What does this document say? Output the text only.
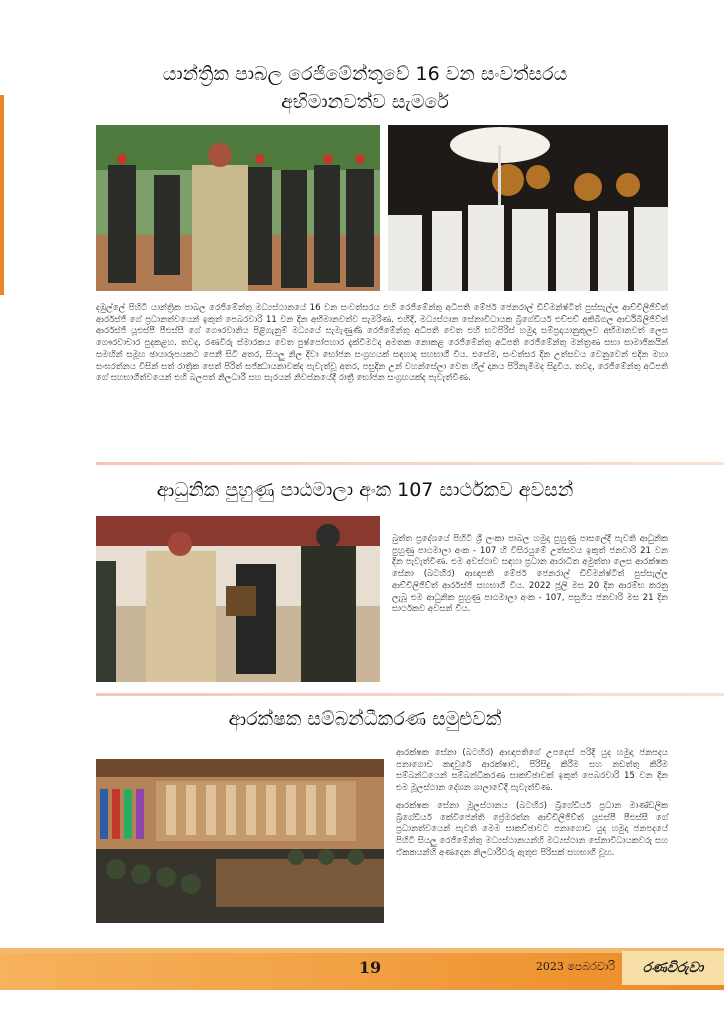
යාන්ත්‍රික පාබල රෙජිමේන්තුවේ 16 වන සංවත්සරය
අභිමානවත්ව සැමරේ

දඹුල්ලේ පිහිටි යාන්ත්‍රික පාබල රෙජිමේන්තු මධ්‍යස්ථානයේ 16 වන සංවත්සරය එහි රෙජිමේන්තු අධිපති මේජර් ජෙනරාල් ඩිව්මන්ෂ්ටිත් පුස්සැල්ල ආච්චිලිජිව්ත් ආර්රස්ජි ගේ ප්‍රධානත්වයෙන් ඉකුත් පෙබරවාරි 11 වන දින අභිමානවත්ව සැමරිණ. එහිදී, මධ්‍යස්ථාන සේනාවිධායක බ්‍රිගේඩියර් එච්එච් අකිබිගල ආර්ඩිබිලිජිව්ත් ආර්රස්ජි යූඑස්පී පීඑස්සී ගේ ගෞරවානිය පිළිගැනුම් මධ්‍යයේ සැමැණුණි රෙජිමේන්තු අධිපති වෙත එහි භටපිරිස් හමුදා සම්ප්‍රදායානුකූලව අභිමානවත් ලෙස ගෞරවාචාර පුදකළහ. තවද, රණවිරු ස්මාරකය වෙත පුෂ්පෝපහාර දැක්විමටද අමතක නොකළ රෙජිමේන්තු අධිපති රෙජිමේන්තු මන්ත්‍රණ සභා සාමාජිකයින් සමඟින් සමූහ ඡායාරූපයකට පෙනී සිටි අතර, සියලු නිල දිවා භෝජන සංග්‍රහයක් සඳහාද සහභාගී විය. එසේම, සංවත්සර දින උත්සවය වෙනුවෙන් එදින මහා සංඝරත්නය විසින් සත් රාත්‍රික සෙත් පිරිත් සජ්ඣායනාවක්ද පැවැත්වූ අතර, පසුදින උන් වහන්සේලා වෙත හීල් දානය පිරිනැමිමද සිදුවිය. තවද, රෙජිමේන්තු අධිපති ගේ සහභාගීත්වයෙන් එහි බලපත් නිලධාරී සහ සැරයන් නිවස්නයේදී රාත්‍රී භෝජන සංග්‍රහයක්ද පැවැත්විණ.

ආධුනික පුහුණු පාඨමාලා අංක 107 සාර්ථකව අවසන්

බුත්ත ප්‍රදේශයේ පිහිටි ශ්‍රී ලංකා පාබල හමුදා පුහුණු පාසලේදී පැවති ආධුනික පුහුණු පාඨමාලා අංක - 107 හි විසිරයුමේ උත්සවය ඉකුත් ජනවාරි 21 වන දින පැවැත්විණ. එම අවස්ථාව සඳහා ප්‍රධාන ආරාධිත අමුත්තා ලෙස ආරක්ෂක සේනා (බටහිර) ආඥාපති මේජර් ජෙනරාල් ඩිව්මන්ෂ්ටිත් පුස්සැල්ල ආච්චිලිජිව්ත් ආර්රස්ජි සහභාගී විය. 2022 ජූලි මස 20 දින ආරම්භ කරනු ලැබූ එම ආධුනික පුහුණු පාඨමාලා අංක - 107, පසුගිය ජනවාරි මස 21 දින සාර්ථකව අවසන් විය.

ආරක්ෂක සම්බන්ධීකරණ සමුළුවක්

ආරක්ෂක සේනා (බටහිර) ආඥාපතිගේ උපදෙස් පරිදි යුද හමුදා ජනපදය පනාගොඩ කඳවුරේ ආරක්ෂාව, පිරිසිදු කිරීම සහ නඩත්තු කිරීම සම්බන්ධයෙන් සම්බන්ධීකරණ සාකච්ඡාවක් ඉකුත් පෙබරවාරි 15 වන දින එම මූලස්ථාන දේශන ශාලාවේදී පැවැත්විණ.

ආරක්ෂක සේනා මූලස්ථානය (බටහිර) බ්‍රිගේඩියර් ප්‍රධාන මාණ්ඩලික බ්‍රිගේඩියර් කේවිජෙන්ති ප්‍රේමරත්න ආච්චිලිජිව්ත් යූඑස්පී පීඑස්සී ගේ ප්‍රධානත්වයෙන් පැවති මෙම සාකච්ඡාවට පනාගොඩ යුද හමුදා ජනපදයේ පිහිටි සියලු රෙජිමේන්තු මධ්‍යස්ථානයන්හි මධ්‍යස්ථාන සේනාවිධායකවරු සහ ඒකකයන්හි අණදෙන නිලධාරීවරු ඇතුළු පිරිසක් සහභාගී වූහ.

19	2023 පෙබරවාරි	රණවිරුවා
